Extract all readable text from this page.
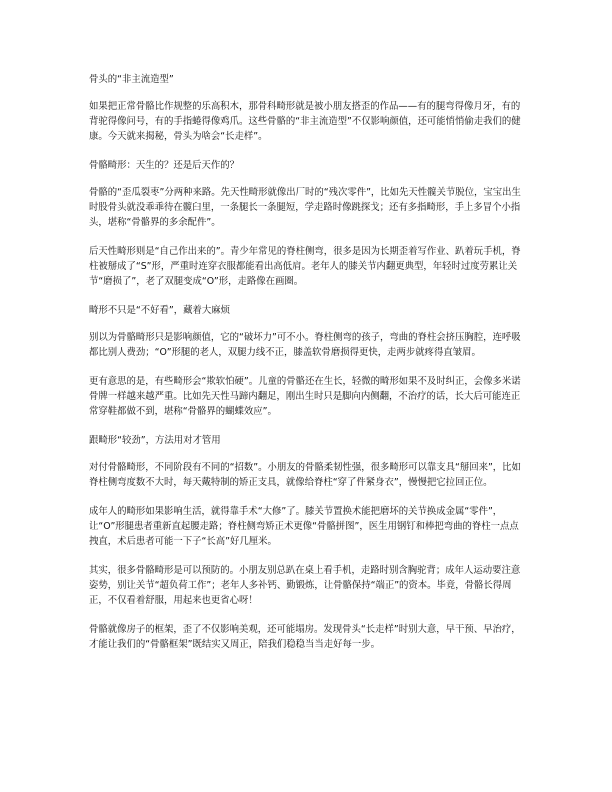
骨头的“非主流造型”

如果把正常骨骼比作规整的乐高积木，那骨科畸形就是被小朋友搭歪的作品——有的腿弯得像月牙，有的背驼得像问号，有的手指蜷得像鸡爪。这些骨骼的“非主流造型”不仅影响颜值，还可能悄悄偷走我们的健康。今天就来揭秘，骨头为啥会“长走样”。

骨骼畸形：天生的？还是后天作的？

骨骼的“歪瓜裂枣”分两种来路。先天性畸形就像出厂时的“残次零件”，比如先天性髋关节脱位，宝宝出生时股骨头就没乖乖待在髋臼里，一条腿长一条腿短，学走路时像跳探戈；还有多指畸形，手上多冒个小指头，堪称“骨骼界的多余配件”。

后天性畸形则是“自己作出来的”。青少年常见的脊柱侧弯，很多是因为长期歪着写作业、趴着玩手机，脊柱被掰成了“S”形，严重时连穿衣服都能看出高低肩。老年人的膝关节内翻更典型，年轻时过度劳累让关节“磨损了”，老了双腿变成“O”形，走路像在画圈。

畸形不只是“不好看”，藏着大麻烦

别以为骨骼畸形只是影响颜值，它的“破坏力”可不小。脊柱侧弯的孩子，弯曲的脊柱会挤压胸腔，连呼吸都比别人费劲；“O”形腿的老人，双腿力线不正，膝盖软骨磨损得更快，走两步就疼得直皱眉。

更有意思的是，有些畸形会“欺软怕硬”。儿童的骨骼还在生长，轻微的畸形如果不及时纠正，会像多米诺骨牌一样越来越严重。比如先天性马蹄内翻足，刚出生时只是脚向内侧翻，不治疗的话，长大后可能连正常穿鞋都做不到，堪称“骨骼界的蝴蝶效应”。

跟畸形“较劲”，方法用对才管用

对付骨骼畸形，不同阶段有不同的“招数”。小朋友的骨骼柔韧性强，很多畸形可以靠支具“掰回来”，比如脊柱侧弯度数不大时，每天戴特制的矫正支具，就像给脊柱“穿了件紧身衣”，慢慢把它拉回正位。

成年人的畸形如果影响生活，就得靠手术“大修”了。膝关节置换术能把磨坏的关节换成金属“零件”，让“O”形腿患者重新直起腰走路；脊柱侧弯矫正术更像“骨骼拼图”，医生用钢钉和棒把弯曲的脊柱一点点拽直，术后患者可能一下子“长高”好几厘米。

其实，很多骨骼畸形是可以预防的。小朋友别总趴在桌上看手机，走路时别含胸驼背；成年人运动要注意姿势，别让关节“超负荷工作”；老年人多补钙、勤锻炼，让骨骼保持“端正”的资本。毕竟，骨骼长得周正，不仅看着舒服，用起来也更省心呀！

骨骼就像房子的框架，歪了不仅影响美观，还可能塌房。发现骨头“长走样”时别大意，早干预、早治疗，才能让我们的“骨骼框架”既结实又周正，陪我们稳稳当当走好每一步。
